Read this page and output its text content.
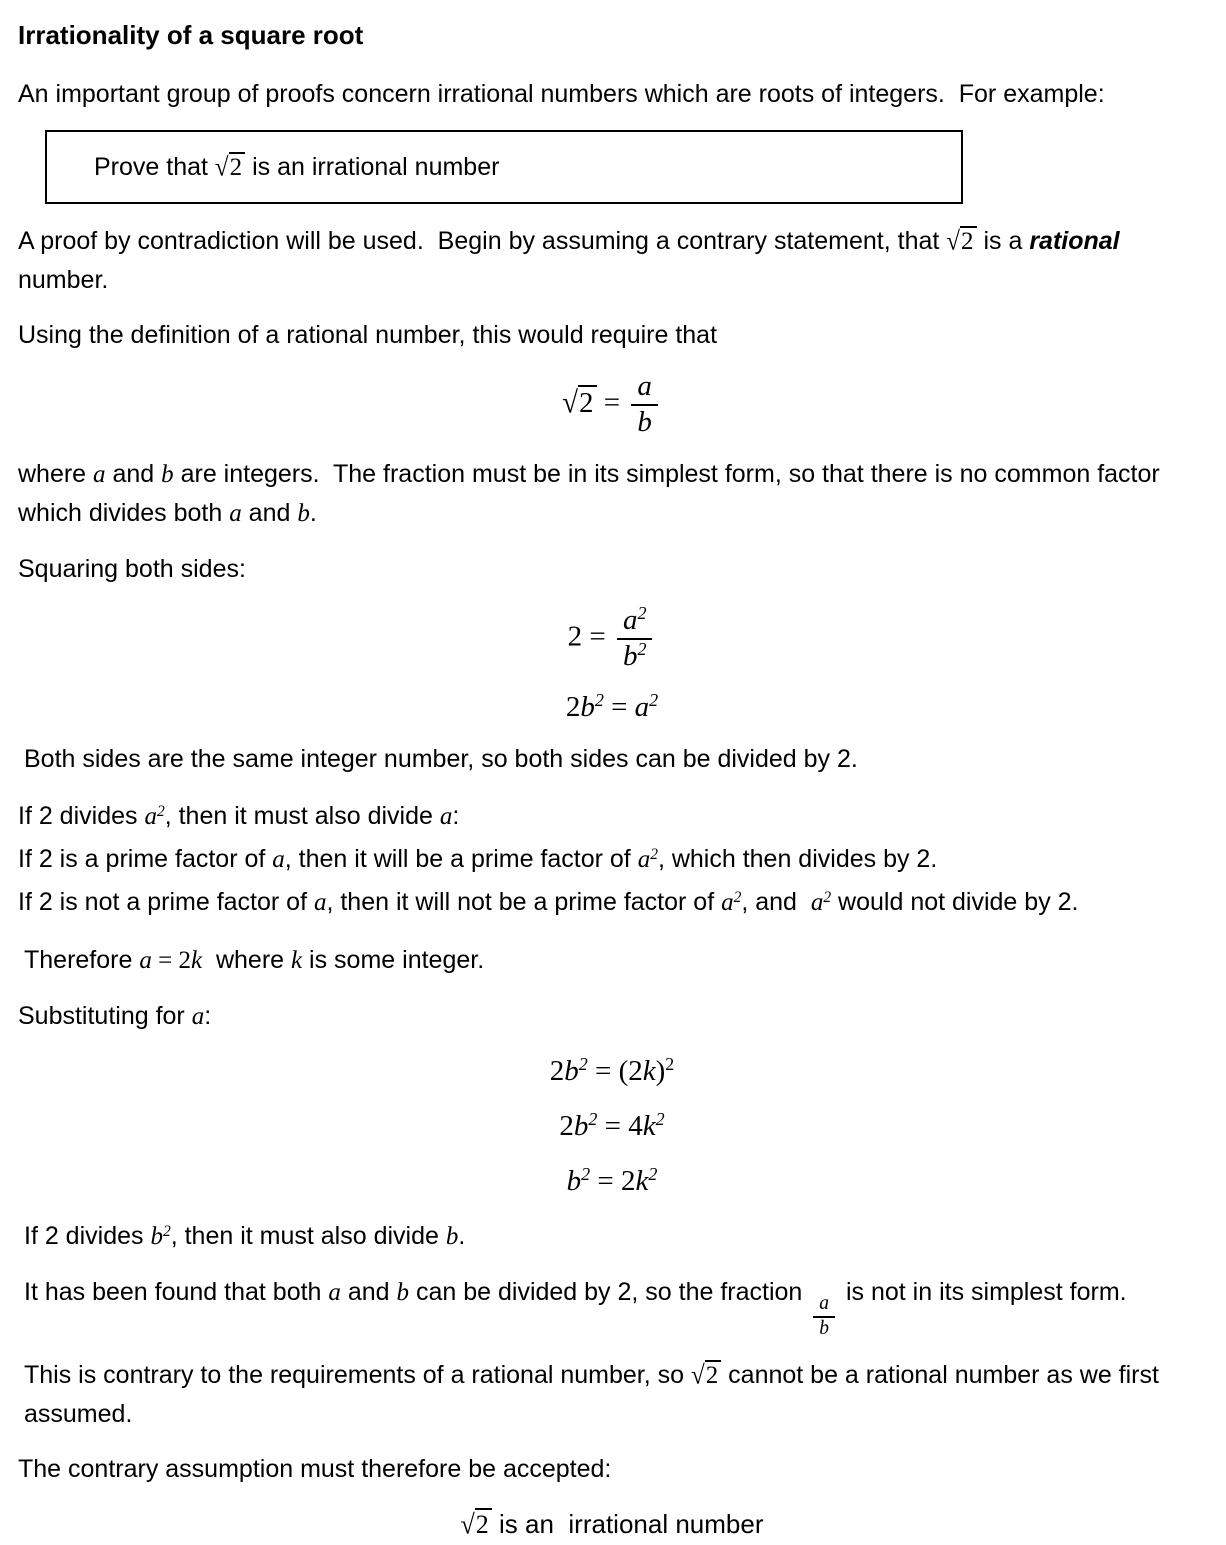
Irrationality of a square root

An important group of proofs concern irrational numbers which are roots of integers.  For example:

Prove that √2 is an irrational number

A proof by contradiction will be used.  Begin by assuming a contrary statement, that √2 is a rational number.

Using the definition of a rational number, this would require that

$√2 = \frac{a}{b}$

where a and b are integers.  The fraction must be in its simplest form, so that there is no common factor which divides both a and b.

Squaring both sides:

$2 = \frac{a^2}{b^2}$
$2b^2 = a^2$

Both sides are the same integer number, so both sides can be divided by 2.

If 2 divides $a^2$, then it must also divide a:
If 2 is a prime factor of a, then it will be a prime factor of $a^2$, which then divides by 2.
If 2 is not a prime factor of a, then it will not be a prime factor of $a^2$, and  $a^2$ would not divide by 2.

Therefore a = 2k  where k is some integer.

Substituting for a:

$2b^2 = (2k)^2$
$2b^2 = 4k^2$
$b^2 = 2k^2$

If 2 divides $b^2$, then it must also divide b.

It has been found that both a and b can be divided by 2, so the fraction
$\frac{a}{b}$
is not in its simplest form.

This is contrary to the requirements of a rational number, so √2 cannot be a rational number as we first assumed.

The contrary assumption must therefore be accepted:

√2 is an  irrational number
